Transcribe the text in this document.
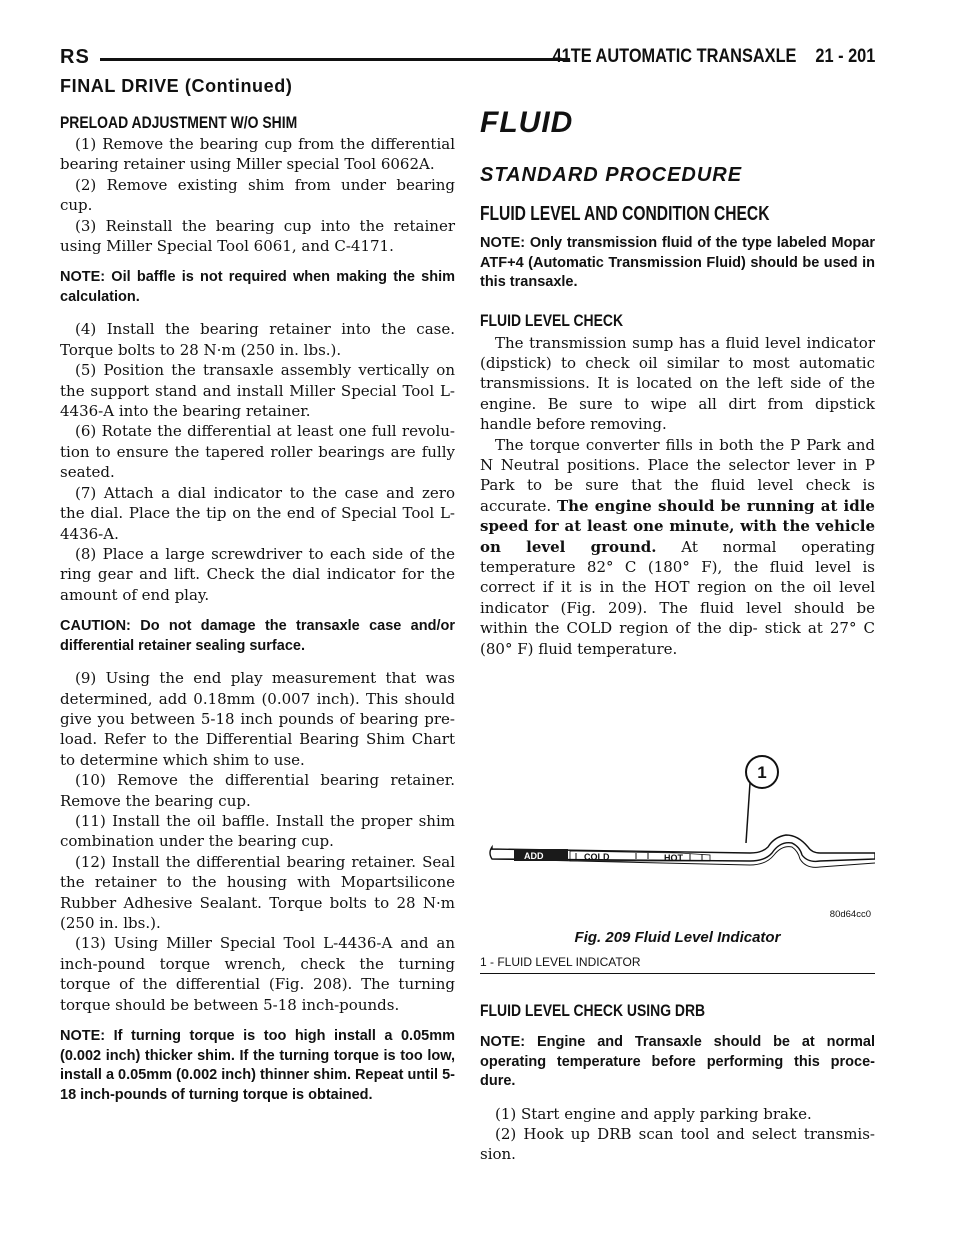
RS	41TE AUTOMATIC TRANSAXLE 21 - 201
FINAL DRIVE (Continued)
PRELOAD ADJUSTMENT W/O SHIM

(1) Remove the bearing cup from the differential bearing retainer using Miller special Tool 6062A.

(2) Remove existing shim from under bearing cup.

(3) Reinstall the bearing cup into the retainer using Miller Special Tool 6061, and C-4171.

NOTE: Oil baffle is not required when making the shim calculation.

(4) Install the bearing retainer into the case. Torque bolts to 28 N·m (250 in. lbs.).

(5) Position the transaxle assembly vertically on the support stand and install Miller Special Tool L-4436-A into the bearing retainer.

(6) Rotate the differential at least one full revolu- tion to ensure the tapered roller bearings are fully seated.

(7) Attach a dial indicator to the case and zero the dial. Place the tip on the end of Special Tool L-4436-A.

(8) Place a large screwdriver to each side of the ring gear and lift. Check the dial indicator for the amount of end play.

CAUTION: Do not damage the transaxle case and/or differential retainer sealing surface.

(9) Using the end play measurement that was determined, add 0.18mm (0.007 inch). This should give you between 5-18 inch pounds of bearing pre- load. Refer to the Differential Bearing Shim Chart to determine which shim to use.

(10) Remove the differential bearing retainer. Remove the bearing cup.

(11) Install the oil baffle. Install the proper shim combination under the bearing cup.

(12) Install the differential bearing retainer. Seal the retainer to the housing with Mopartsilicone Rubber Adhesive Sealant. Torque bolts to 28 N·m (250 in. lbs.).

(13) Using Miller Special Tool L-4436-A and an inch-pound torque wrench, check the turning torque of the differential (Fig. 208). The turning torque should be between 5-18 inch-pounds.

NOTE: If turning torque is too high install a 0.05mm (0.002 inch) thicker shim. If the turning torque is too low, install a 0.05mm (0.002 inch) thinner shim. Repeat until 5-18 inch-pounds of turning torque is obtained.

FLUID
STANDARD PROCEDURE
FLUID LEVEL AND CONDITION CHECK

NOTE: Only transmission fluid of the type labeled Mopar ATF+4 (Automatic Transmission Fluid) should be used in this transaxle.

FLUID LEVEL CHECK

The transmission sump has a fluid level indicator (dipstick) to check oil similar to most automatic transmissions. It is located on the left side of the engine. Be sure to wipe all dirt from dipstick handle before removing.

The torque converter fills in both the P Park and N Neutral positions. Place the selector lever in P Park to be sure that the fluid level check is accurate. The engine should be running at idle speed for at least one minute, with the vehicle on level ground. At normal operating temperature 82° C (180° F), the fluid level is correct if it is in the HOT region on the oil level indicator (Fig. 209). The fluid level should be within the COLD region of the dip- stick at 27° C (80° F) fluid temperature.

1
ADD	COLD	HOT
80d64cc0
Fig. 209 Fluid Level Indicator
1 - FLUID LEVEL INDICATOR
FLUID LEVEL CHECK USING DRB

NOTE: Engine and Transaxle should be at normal operating temperature before performing this proce- dure.

(1) Start engine and apply parking brake.

(2) Hook up DRB scan tool and select transmis- sion.
